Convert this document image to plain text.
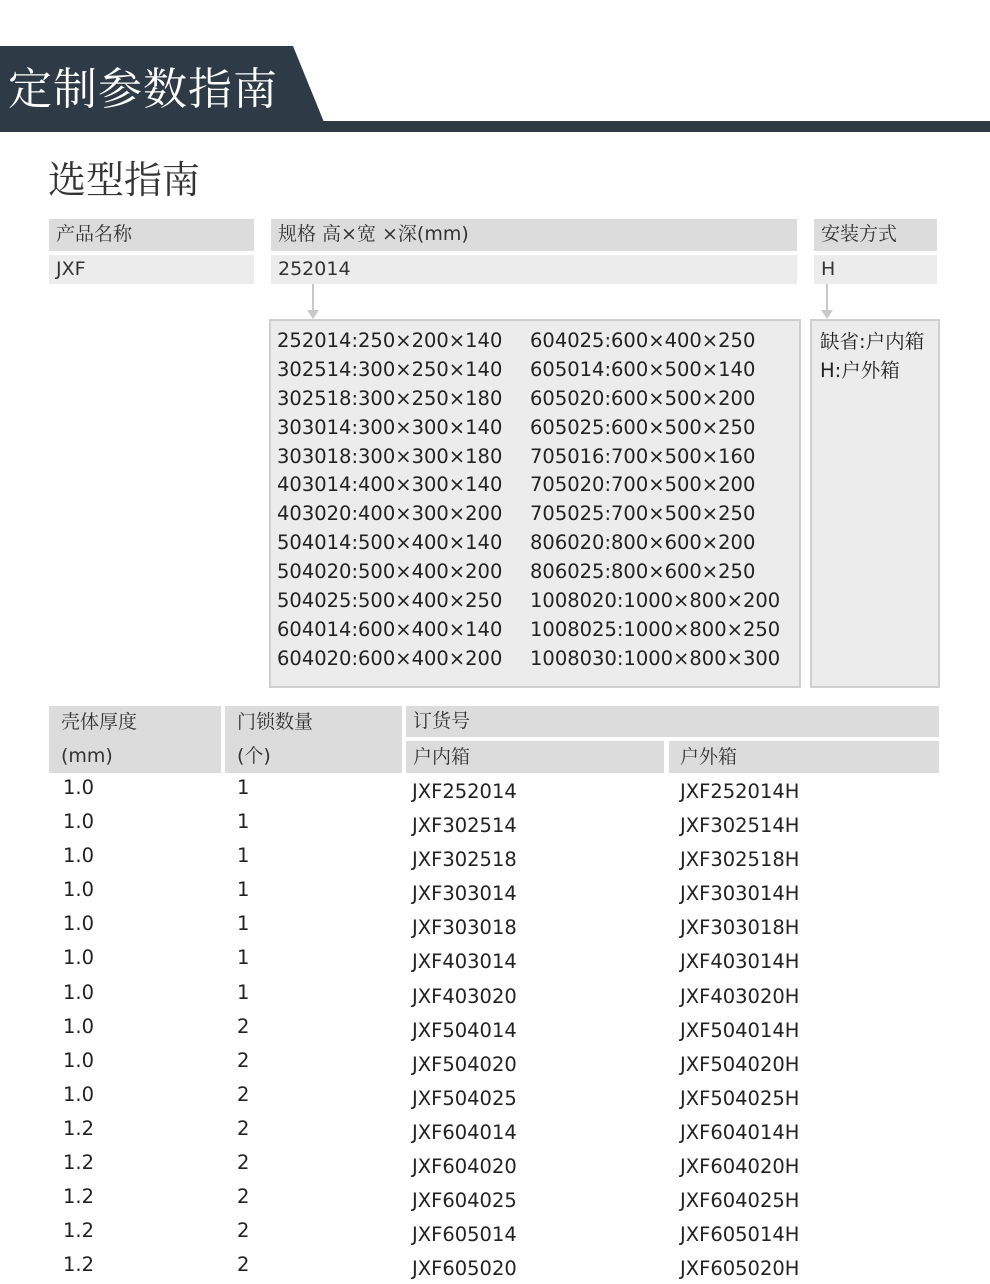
定制参数指南
选型指南
产品名称	规格 高×宽 ×深(mm)	安装方式
JXF	252014	H
252014:250×200×140
302514:300×250×140
302518:300×250×180
303014:300×300×140
303018:300×300×180
403014:400×300×140
403020:400×300×200
504014:500×400×140
504020:500×400×200
504025:500×400×250
604014:600×400×140
604020:600×400×200
604025:600×400×250
605014:600×500×140
605020:600×500×200
605025:600×500×250
705016:700×500×160
705020:700×500×200
705025:700×500×250
806020:800×600×200
806025:800×600×250
1008020:1000×800×200
1008025:1000×800×250
1008030:1000×800×300
缺省:户内箱
H:户外箱
壳体厚度
(mm)
门锁数量
(个)
订货号
户内箱	户外箱
1.0	1	JXF252014	JXF252014H
1.0	1	JXF302514	JXF302514H
1.0	1	JXF302518	JXF302518H
1.0	1	JXF303014	JXF303014H
1.0	1	JXF303018	JXF303018H
1.0	1	JXF403014	JXF403014H
1.0	1	JXF403020	JXF403020H
1.0	2	JXF504014	JXF504014H
1.0	2	JXF504020	JXF504020H
1.0	2	JXF504025	JXF504025H
1.2	2	JXF604014	JXF604014H
1.2	2	JXF604020	JXF604020H
1.2	2	JXF604025	JXF604025H
1.2	2	JXF605014	JXF605014H
1.2	2	JXF605020	JXF605020H
